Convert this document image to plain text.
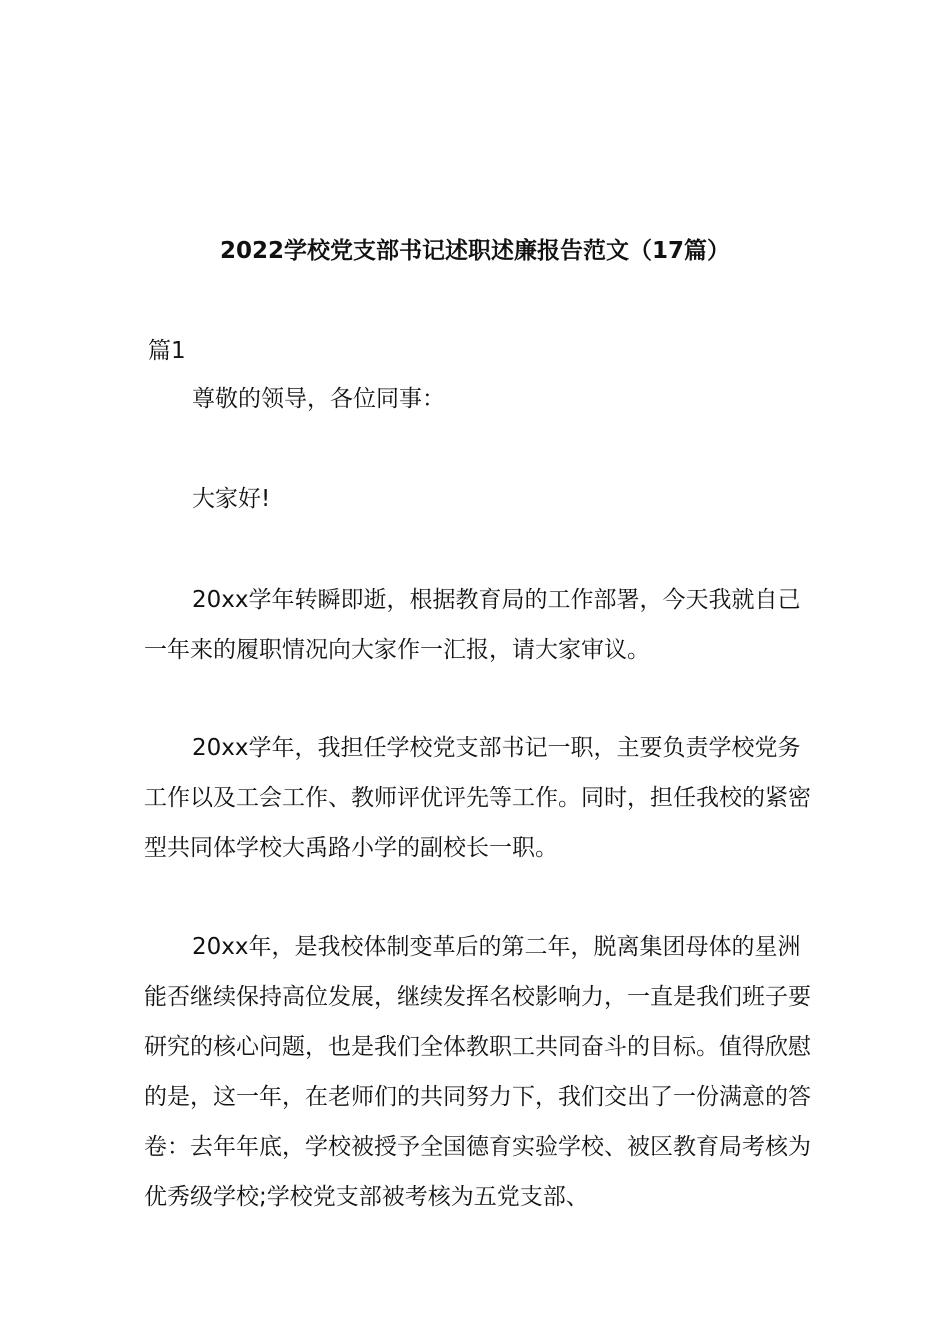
2022学校党支部书记述职述廉报告范文（17篇）
篇1

尊敬的领导，各位同事：

大家好!

20xx学年转瞬即逝，根据教育局的工作部署，今天我就自己一年来的履职情况向大家作一汇报，请大家审议。

20xx学年，我担任学校党支部书记一职，主要负责学校党务工作以及工会工作、教师评优评先等工作。同时，担任我校的紧密型共同体学校大禹路小学的副校长一职。

20xx年，是我校体制变革后的第二年，脱离集团母体的星洲能否继续保持高位发展，继续发挥名校影响力，一直是我们班子要研究的核心问题，也是我们全体教职工共同奋斗的目标。值得欣慰的是，这一年，在老师们的共同努力下，我们交出了一份满意的答卷：去年年底，学校被授予全国德育实验学校、被区教育局考核为优秀级学校;学校党支部被考核为五党支部、
